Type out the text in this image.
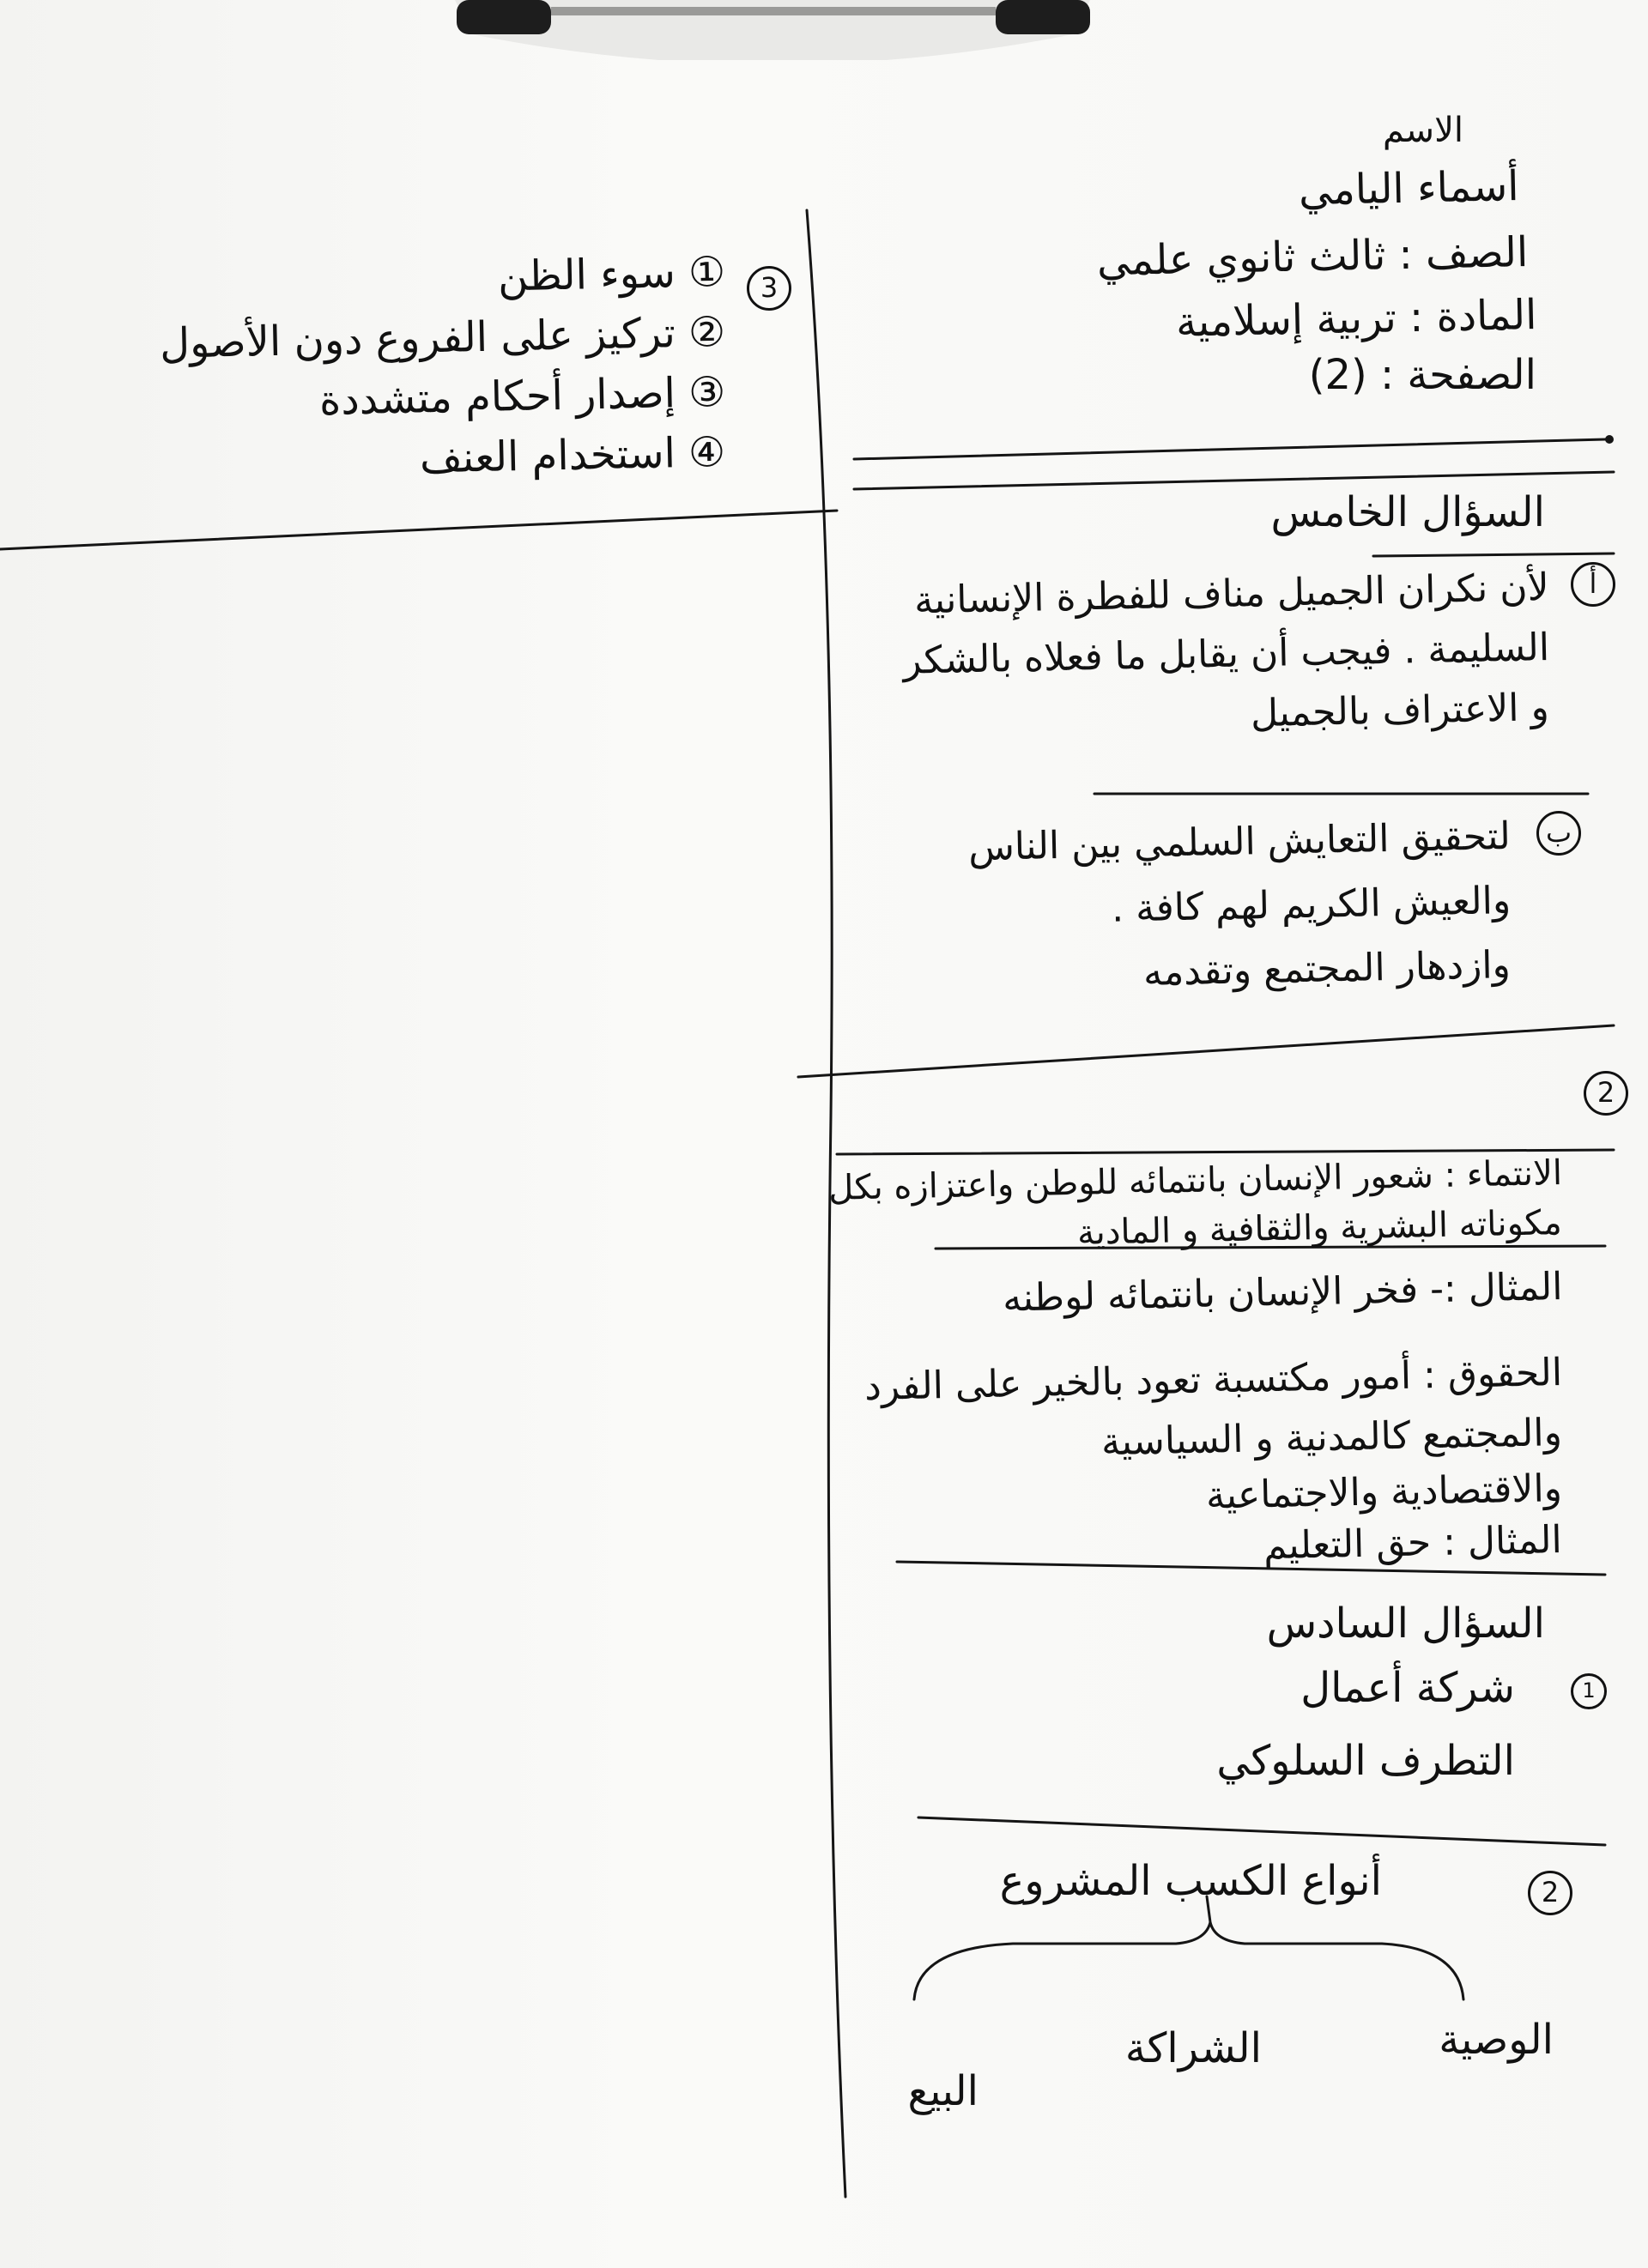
الاسم
أسماء اليامي
الصف : ثالث ثانوي علمي
المادة : تربية إسلامية
الصفحة : (2)
3
① سوء الظن
② تركيز على الفروع دون الأصول
③ إصدار أحكام متشددة
④ استخدام العنف
السؤال الخامس
أ
لأن نكران الجميل مناف للفطرة الإنسانية
السليمة . فيجب أن يقابل ما فعلاه بالشكر
و الاعتراف بالجميل
ب
لتحقيق التعايش السلمي بين الناس
والعيش الكريم لهم كافة .
وازدهار المجتمع وتقدمه
2
الانتماء : شعور الإنسان بانتمائه للوطن واعتزازه بكل
مكوناته البشرية والثقافية و المادية
المثال :- فخر الإنسان بانتمائه لوطنه
الحقوق : أمور مكتسبة تعود بالخير على الفرد
والمجتمع كالمدنية و السياسية
والاقتصادية والاجتماعية
المثال : حق التعليم
السؤال السادس
1
شركة أعمال
التطرف السلوكي
2
أنواع الكسب المشروع
الوصية
الشراكة
البيع
